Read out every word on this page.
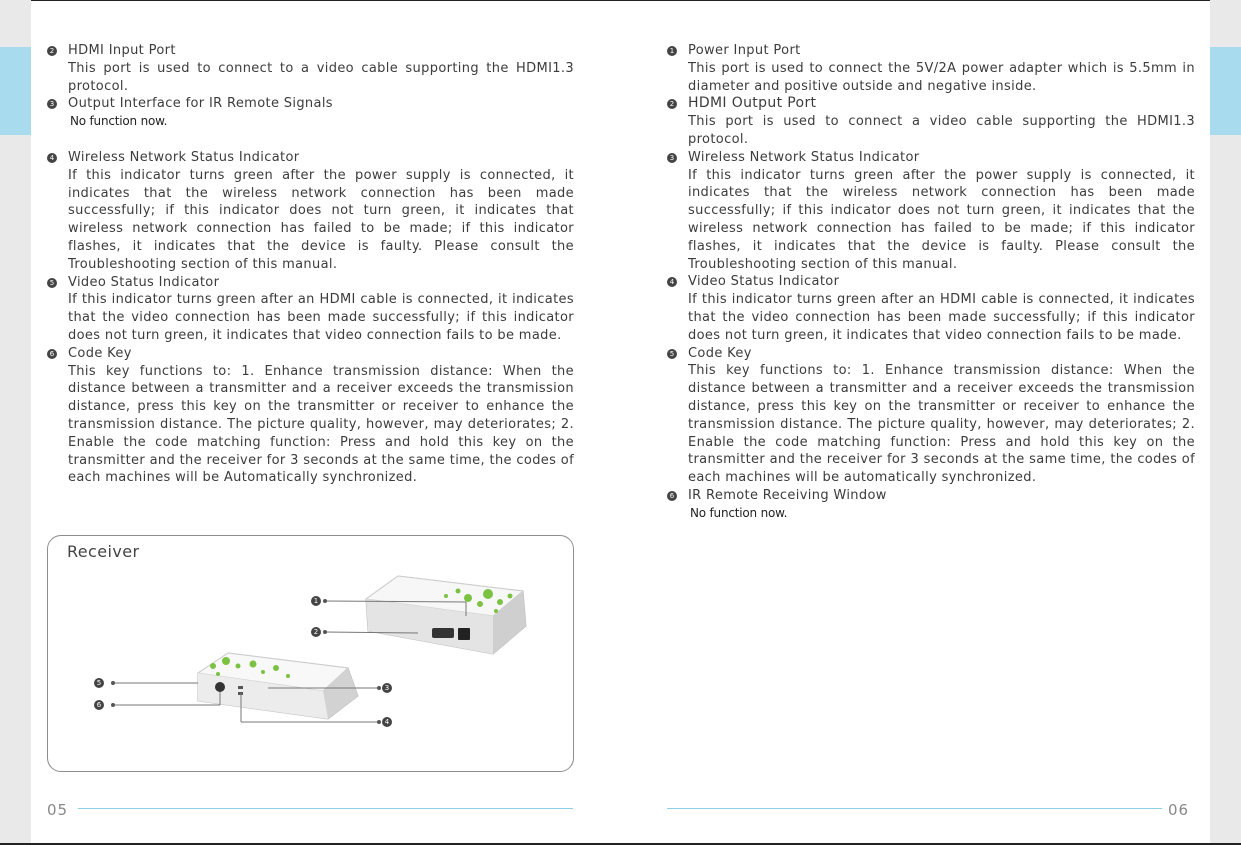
2	HDMI Input Port
This port is used to connect to a video cable supporting the HDMI1.3 protocol.
3	Output Interface for IR Remote Signals
No function now.
4	Wireless Network Status Indicator
If this indicator turns green after the power supply is connected, it indicates that the wireless network connection has been made successfully; if this indicator does not turn green, it indicates that wireless network connection has failed to be made; if this indicator flashes, it indicates that the device is faulty. Please consult the Troubleshooting section of this manual.
5	Video Status Indicator
If this indicator turns green after an HDMI cable is connected, it indicates that the video connection has been made successfully; if this indicator does not turn green, it indicates that video connection fails to be made.
6	Code Key
This key functions to: 1. Enhance transmission distance: When the distance between a transmitter and a receiver exceeds the transmission distance, press this key on the transmitter or receiver to enhance the transmission distance. The picture quality, however, may deteriorates; 2. Enable the code matching function: Press and hold this key on the transmitter and the receiver for 3 seconds at the same time, the codes of each machines will be Automatically synchronized.
Receiver
1
2
3
4
5
6
1	Power Input Port
This port is used to connect the 5V/2A power adapter which is 5.5mm in diameter and positive outside and negative inside.
2 HDMI Output Port
This port is used to connect a video cable supporting the HDMI1.3 protocol.
3	Wireless Network Status Indicator
If this indicator turns green after the power supply is connected, it indicates that the wireless network connection has been made successfully; if this indicator does not turn green, it indicates that the wireless network connection has failed to be made; if this indicator flashes, it indicates that the device is faulty. Please consult the Troubleshooting section of this manual.
4	Video Status Indicator
If this indicator turns green after an HDMI cable is connected, it indicates that the video connection has been made successfully; if this indicator does not turn green, it indicates that video connection fails to be made.
5	Code Key
This key functions to: 1. Enhance transmission distance: When the distance between a transmitter and a receiver exceeds the transmission distance, press this key on the transmitter or receiver to enhance the transmission distance. The picture quality, however, may deteriorates; 2. Enable the code matching function: Press and hold this key on the transmitter and the receiver for 3 seconds at the same time, the codes of each machines will be automatically synchronized.
6	IR Remote Receiving Window
No function now.
05	06
